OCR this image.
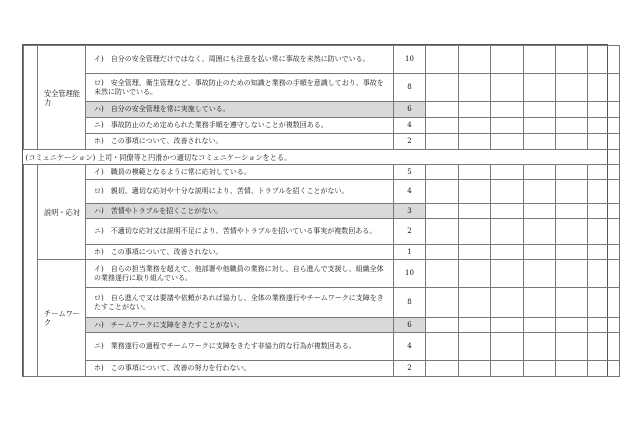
	安全管理能力	イ)　自分の安全管理だけではなく、周囲にも注意を払い常に事故を未然に防いでいる。	10						
		ロ)　安全管理、衛生管理など、事故防止のための知識と業務の手順を意識しており、事故を未然に防いでいる。	8						
		ハ)　自分の安全管理を常に実施している。	6						
		ニ)　事故防止のため定められた業務手順を遵守しないことが複数回ある。	4						
		ホ)　この事項について、改善されない。	2						
(コミュニケーション) 上司・同僚等と円滑かつ適切なコミュニケーションをとる。									
	説明・応対	イ)　職員の模範となるように常に応対している。	5						
		ロ)　親切、適切な応対や十分な説明により、苦情、トラブルを招くことがない。	4						
		ハ)　苦情やトラブルを招くことがない。	3						
		ニ)　不適切な応対又は説明不足により、苦情やトラブルを招いている事実が複数回ある。	2						
		ホ)　この事項について、改善されない。	1						
	チームワーク	イ)　自らの担当業務を超えて、他部署や他職員の業務に対し、自ら進んで支援し、組織全体の業務遂行に取り組んでいる。	10						
		ロ)　自ら進んで又は要請や依頼があれば協力し、全体の業務遂行やチームワークに支障をきたすことがない。	8						
		ハ)　チームワークに支障をきたすことがない。	6						
		ニ)　業務遂行の過程でチームワークに支障をきたす非協力的な行為が複数回ある。	4						
		ホ)　この事項について、改善の努力を行わない。	2						
